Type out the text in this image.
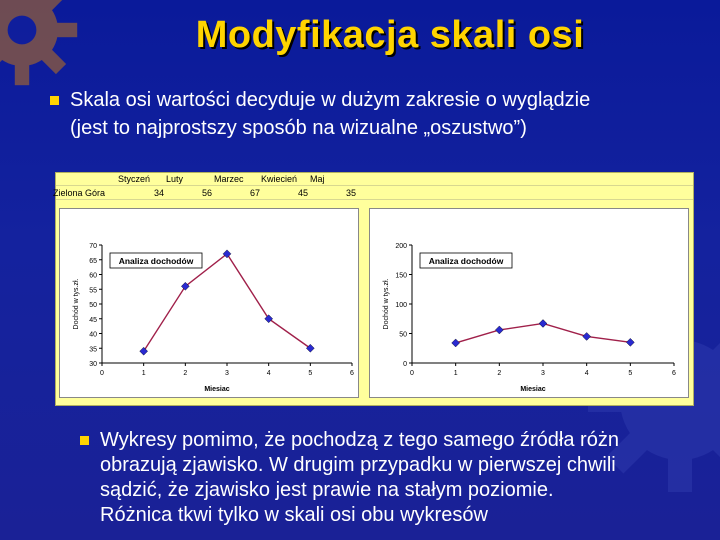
Modyfikacja skali osi
Skala osi wartości decyduje w dużym zakresie o wyglądzie
(jest to najprostszy sposób na wizualne „oszustwo”)
Styczeń Luty	Marzec Kwiecień Maj
Zielona Góra	34	56	67	45	35
30
35
40
45
50
55
60
65
70
0	1	2	3	4	5	6
Miesiac
Dochód w tys.zł.
Analiza dochodów
0
50
100
150
200
0	1	2	3	4	5	6
Miesiac
Dochód w tys.zł.
Analiza dochodów
Wykresy pomimo, że pochodzą z tego samego źródła różn
obrazują zjawisko. W drugim przypadku w pierwszej chwili
sądzić, że zjawisko jest prawie na stałym poziomie.
Różnica tkwi tylko w skali osi obu wykresów
